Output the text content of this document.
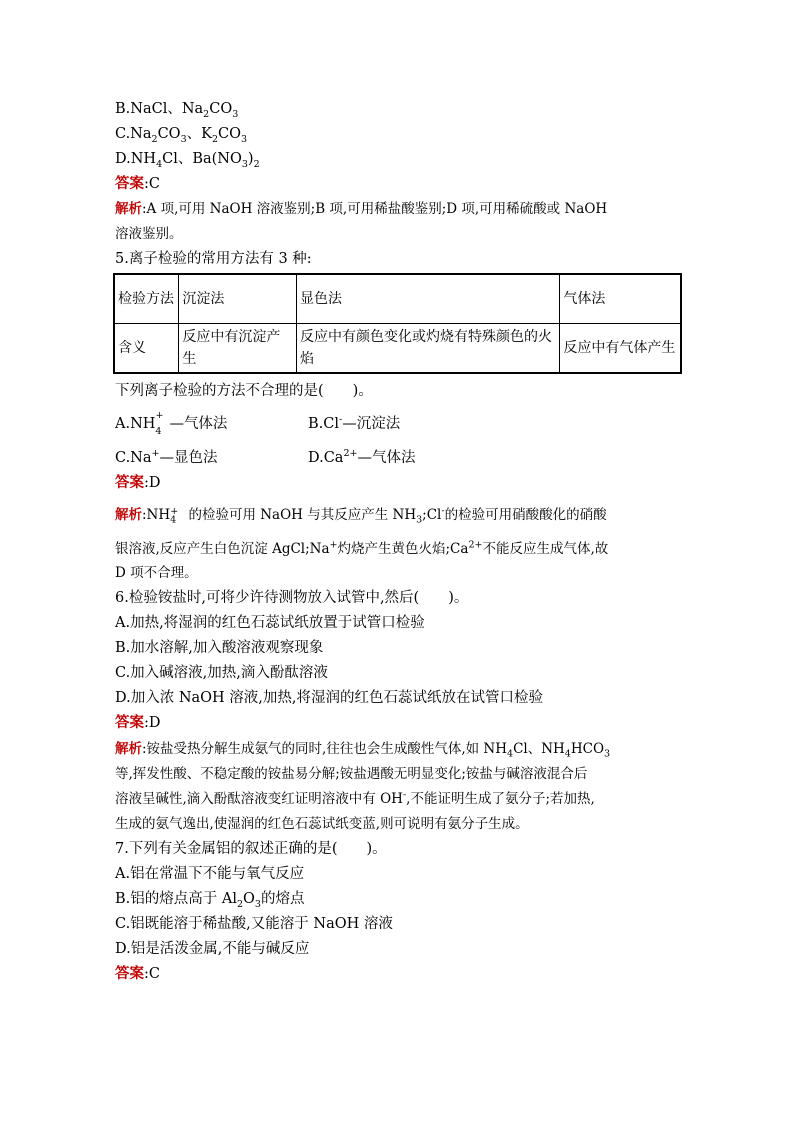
B.NaCl、$Na_2CO_3$
$C.Na_2CO_3$、$K_2CO_3$
$D.NH_4Cl$、$Ba(NO_3)_2$
答案:C
解析:A 项,可用 NaOH 溶液鉴别;B 项,可用稀盐酸鉴别;D 项,可用稀硫酸或 NaOH
溶液鉴别。
5.离子检验的常用方法有 3 种:
检验方法	沉淀法	显色法	气体法
含义	反应中有沉淀产生	反应中有颜色变化或灼烧有特殊颜色的火焰	反应中有气体产生
下列离子检验的方法不合理的是(　　)。
$A.NH_4^+—$气体法	B.Cl-—沉淀法
C.Na+—显色法	$D.Ca^{2+}—$气体法
答案:D
解析$:NH_4^+$ 的检验可用 NaOH 与其反应产生 $NH_3;Cl^-$的检验可用硝酸酸化的硝酸
银溶液,反应产生白色沉淀 AgCl;Na+灼烧产生黄色火焰$;Ca^{2+}$不能反应生成气体,故
D 项不合理。
6.检验铵盐时,可将少许待测物放入试管中,然后(　　)。
A.加热,将湿润的红色石蕊试纸放置于试管口检验
B.加水溶解,加入酸溶液观察现象
C.加入碱溶液,加热,滴入酚酞溶液
D.加入浓 NaOH 溶液,加热,将湿润的红色石蕊试纸放在试管口检验
答案:D
解析:铵盐受热分解生成氨气的同时,往往也会生成酸性气体,如 $NH_4Cl$、$NH_4HCO_3$
等,挥发性酸、不稳定酸的铵盐易分解;铵盐遇酸无明显变化;铵盐与碱溶液混合后
溶液呈碱性,滴入酚酞溶液变红证明溶液中有 OH-,不能证明生成了氨分子;若加热,
生成的氨气逸出,使湿润的红色石蕊试纸变蓝,则可说明有氨分子生成。
7.下列有关金属铝的叙述正确的是(　　)。
A.铝在常温下不能与氧气反应
B.铝的熔点高于 $Al_2O_3$的熔点
C.铝既能溶于稀盐酸,又能溶于 NaOH 溶液
D.铝是活泼金属,不能与碱反应
答案:C
